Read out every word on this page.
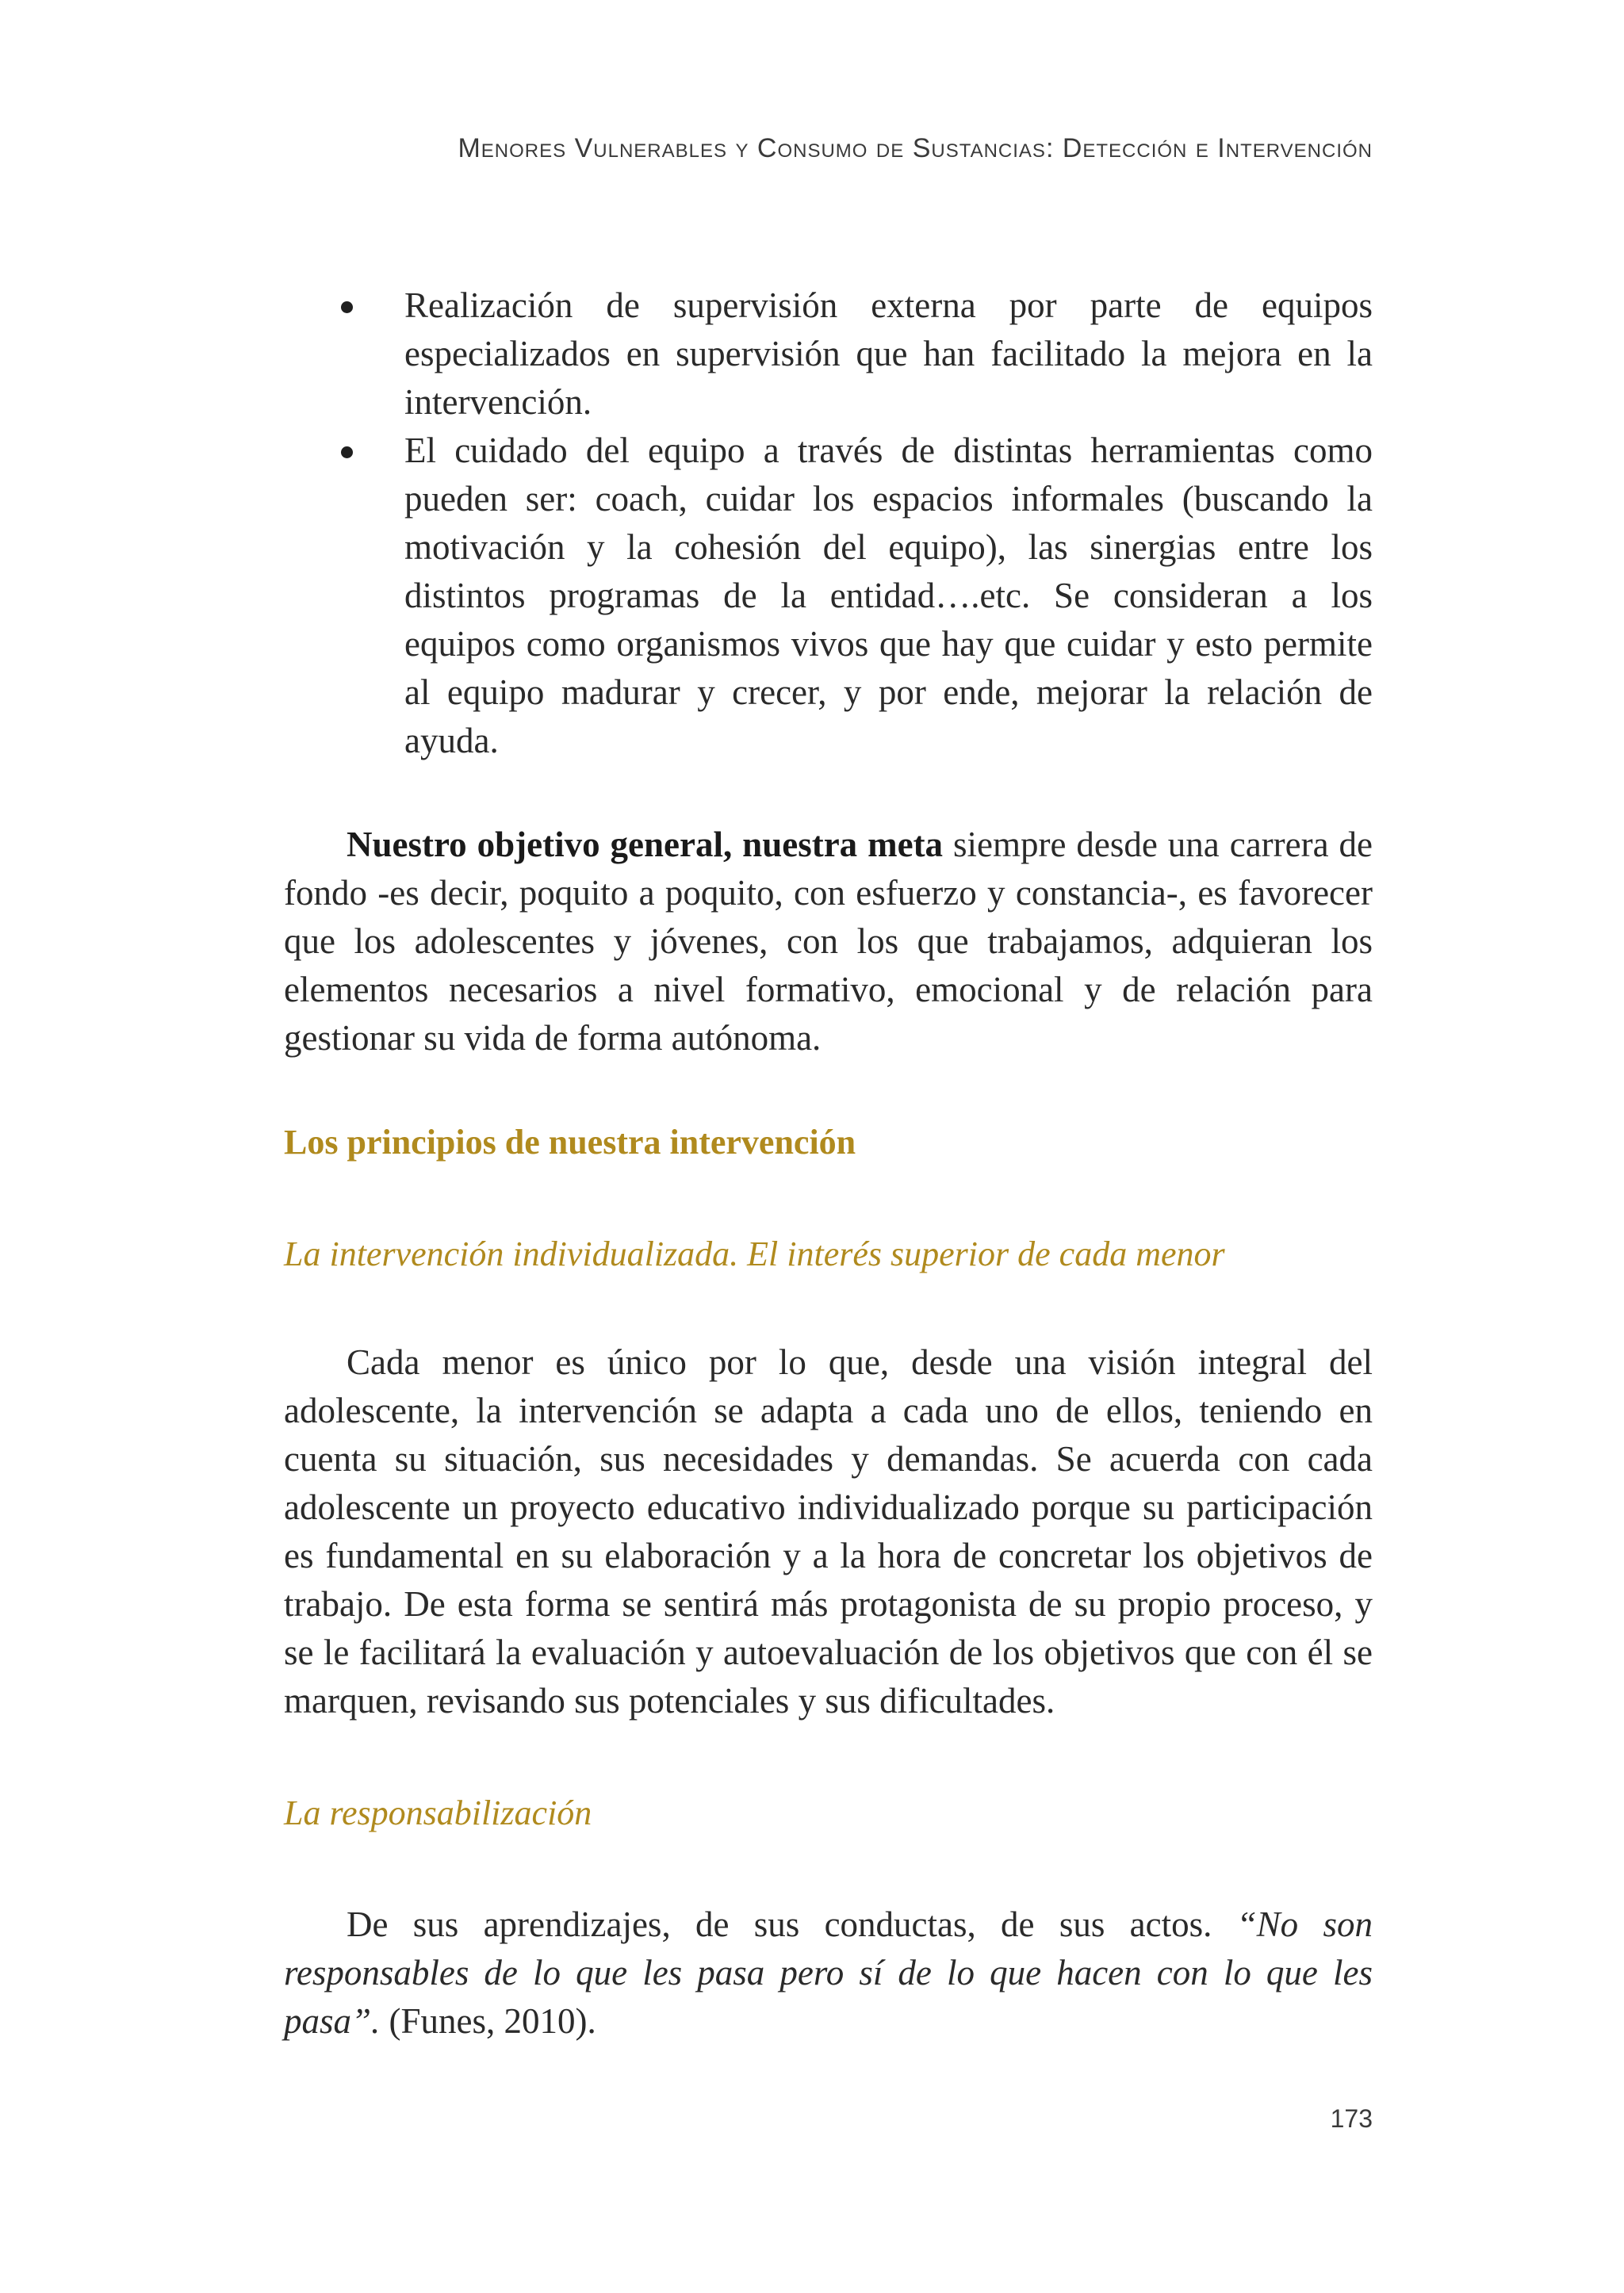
Menores Vulnerables y Consumo de Sustancias: Detección e Intervención
Realización de supervisión externa por parte de equipos especializados en supervisión que han facilitado la mejora en la intervención.
El cuidado del equipo a través de distintas herramientas como pueden ser: coach, cuidar los espacios informales (buscando la motivación y la cohesión del equipo), las sinergias entre los distintos programas de la entidad….etc. Se consideran a los equipos como organismos vivos que hay que cuidar y esto permite al equipo madurar y crecer, y por ende, mejorar la relación de ayuda.

Nuestro objetivo general, nuestra meta siempre desde una carrera de fondo -es decir, poquito a poquito, con esfuerzo y constancia-, es favorecer que los adolescentes y jóvenes, con los que trabajamos, adquieran los elementos necesarios a nivel formativo, emocional y de relación para gestionar su vida de forma autónoma.

Los principios de nuestra intervención
La intervención individualizada. El interés superior de cada menor

Cada menor es único por lo que, desde una visión integral del adolescente, la intervención se adapta a cada uno de ellos, teniendo en cuenta su situación, sus necesidades y demandas. Se acuerda con cada adolescente un proyecto educativo individualizado porque su participación es fundamental en su elaboración y a la hora de concretar los objetivos de trabajo. De esta forma se sentirá más protagonista de su propio proceso, y se le facilitará la evaluación y autoevaluación de los objetivos que con él se marquen, revisando sus potenciales y sus dificultades.

La responsabilización

De sus aprendizajes, de sus conductas, de sus actos. “No son responsables de lo que les pasa pero sí de lo que hacen con lo que les pasa”. (Funes, 2010).

173
